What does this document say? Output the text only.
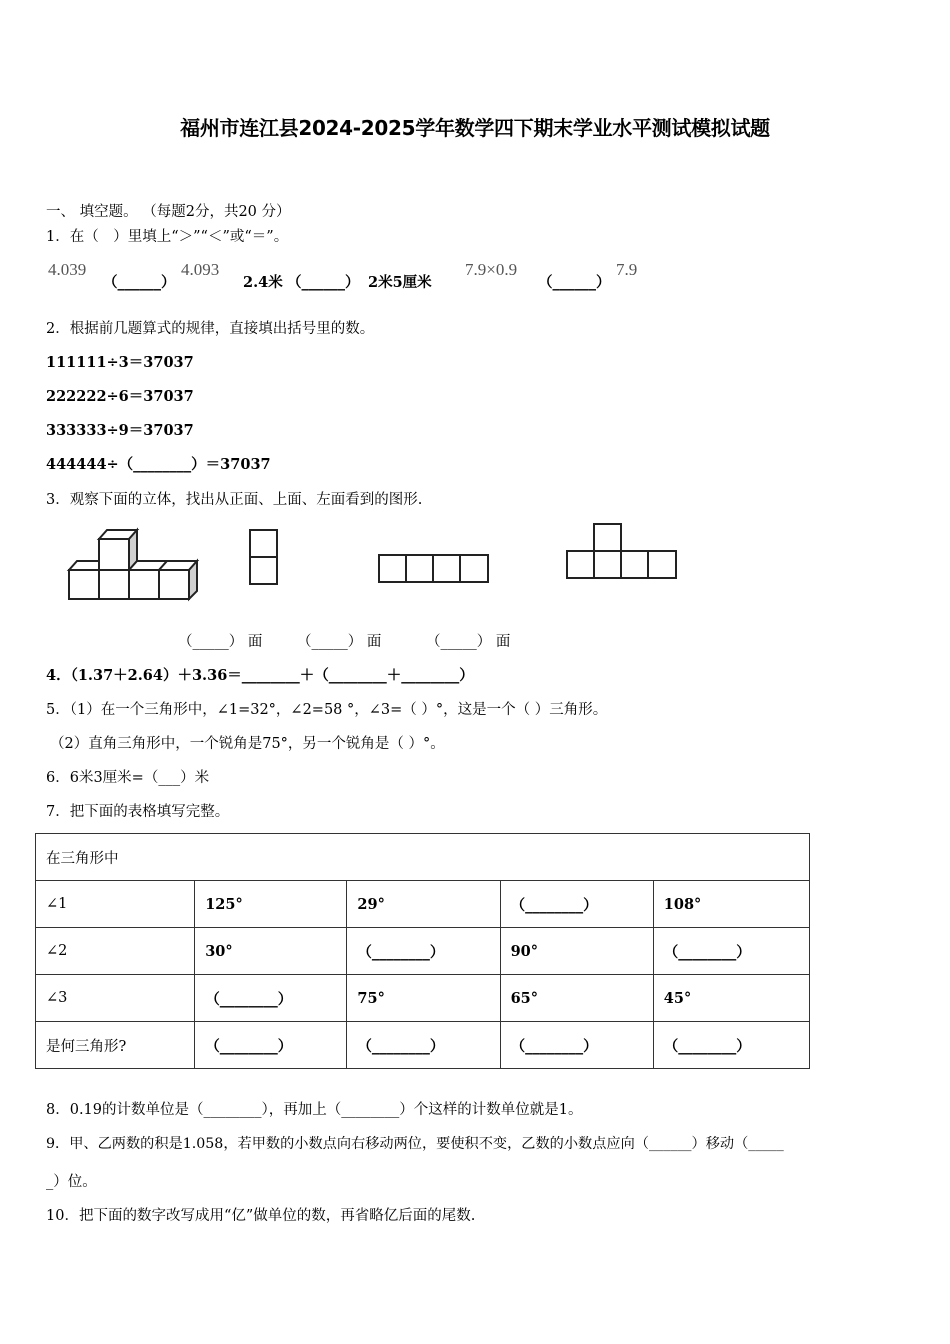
福州市连江县2024-2025学年数学四下期末学业水平测试模拟试题
一、 填空题。 （每题2分，共20 分）
1．在（　）里填上“＞”“＜”或“＝”。
4.039
（______）
4.093
2.4米 （______） 2米5厘米
7.9×0.9
（______）
7.9
2．根据前几题算式的规律，直接填出括号里的数。
111111÷3＝37037
222222÷6＝37037
333333÷9＝37037
444444÷（________）＝37037
3．观察下面的立体，找出从正面、上面、左面看到的图形.
（_____） 面 （_____） 面	（_____） 面
4．（1.37＋2.64）＋3.36＝________＋（________＋________）
5．（1）在一个三角形中，∠1=32°，∠2=58 °，∠3=（ ）°，这是一个（ ）三角形。
（2）直角三角形中，一个锐角是75°，另一个锐角是（ ）°。
6．6米3厘米=（___）米
7．把下面的表格填写完整。
在三角形中				
∠1	125°	29°	（________）	108°
∠2	30°	（________）	90°	（________）
∠3	（________）	75°	65°	45°
是何三角形?	（________）	（________）	（________）	（________）
8．0.19的计数单位是（________），再加上（________）个这样的计数单位就是1。
9．甲、乙两数的积是1.058，若甲数的小数点向右移动两位，要使积不变，乙数的小数点应向（______）移动（_____
_）位。
10．把下面的数字改写成用“亿”做单位的数，再省略亿后面的尾数.
